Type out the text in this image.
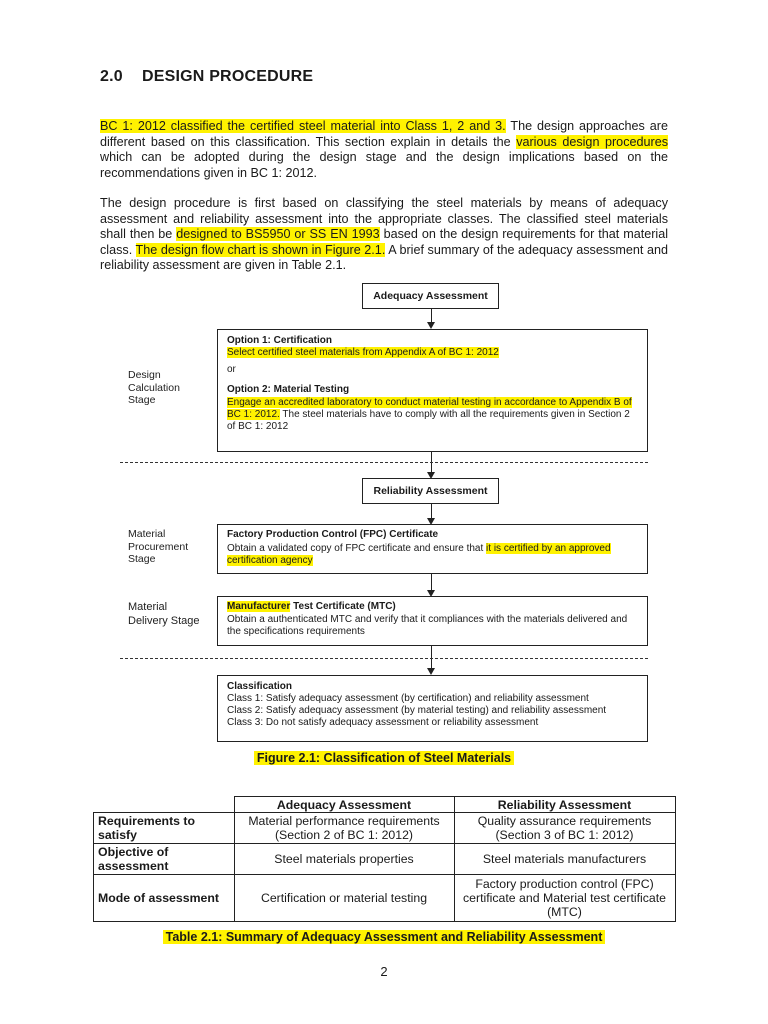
2.0 DESIGN PROCEDURE
BC 1: 2012 classified the certified steel material into Class 1, 2 and 3. The design approaches are different based on this classification. This section explain in details the various design procedures which can be adopted during the design stage and the design implications based on the recommendations given in BC 1: 2012.
The design procedure is first based on classifying the steel materials by means of adequacy assessment and reliability assessment into the appropriate classes. The classified steel materials shall then be designed to BS5950 or SS EN 1993 based on the design requirements for that material class. The design flow chart is shown in Figure 2.1. A brief summary of the adequacy assessment and reliability assessment are given in Table 2.1.
Adequacy Assessment
Design Calculation Stage
Option 1: Certification
Select certified steel materials from Appendix A of BC 1: 2012
or
Option 2: Material Testing
Engage an accredited laboratory to conduct material testing in accordance to Appendix B of BC 1: 2012. The steel materials have to comply with all the requirements given in Section 2 of BC 1: 2012
Reliability Assessment
Material Procurement Stage
Factory Production Control (FPC) Certificate
Obtain a validated copy of FPC certificate and ensure that it is certified by an approved certification agency
Material Delivery Stage
Manufacturer Test Certificate (MTC)
Obtain a authenticated MTC and verify that it compliances with the materials delivered and the specifications requirements
Classification
Class 1: Satisfy adequacy assessment (by certification) and reliability assessment
Class 2: Satisfy adequacy assessment (by material testing) and reliability assessment
Class 3: Do not satisfy adequacy assessment or reliability assessment
Figure 2.1: Classification of Steel Materials
	Adequacy Assessment	Reliability Assessment
Requirements to satisfy	Material performance requirements (Section 2 of BC 1: 2012)	Quality assurance requirements (Section 3 of BC 1: 2012)
Objective of assessment	Steel materials properties	Steel materials manufacturers
Mode of assessment	Certification or material testing	Factory production control (FPC) certificate and Material test certificate (MTC)
Table 2.1: Summary of Adequacy Assessment and Reliability Assessment
2
